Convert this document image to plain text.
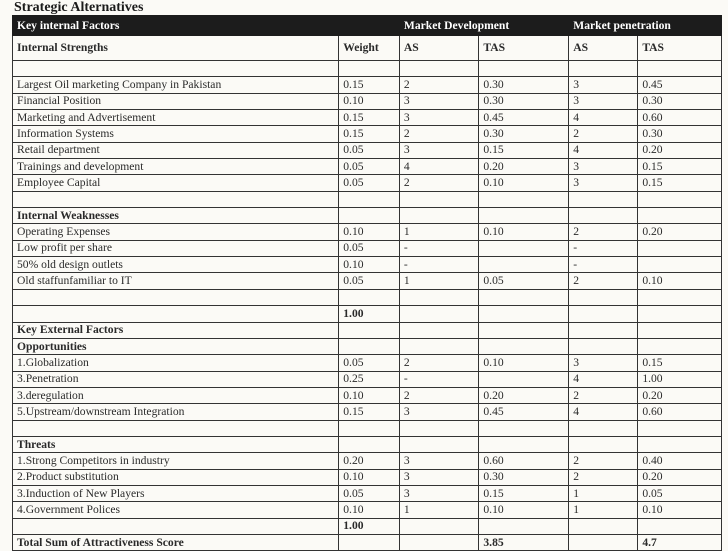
Strategic Alternatives
Key internal Factors		Market Development		Market penetration	
Internal Strengths	Weight	AS	TAS	AS	TAS

Largest Oil marketing Company in Pakistan	0.15	2	0.30	3	0.45
Financial Position	0.10	3	0.30	3	0.30
Marketing and Advertisement	0.15	3	0.45	4	0.60
Information Systems	0.15	2	0.30	2	0.30
Retail department	0.05	3	0.15	4	0.20
Trainings and development	0.05	4	0.20	3	0.15
Employee Capital	0.05	2	0.10	3	0.15

Internal Weaknesses					
Operating Expenses	0.10	1	0.10	2	0.20
Low profit per share	0.05	-		-	
50% old design outlets	0.10	-		-	
Old staffunfamiliar to IT	0.05	1	0.05	2	0.10

	1.00				
Key External Factors					
Opportunities					
1.Globalization	0.05	2	0.10	3	0.15
3.Penetration	0.25	-		4	1.00
3.deregulation	0.10	2	0.20	2	0.20
5.Upstream/downstream Integration	0.15	3	0.45	4	0.60

Threats					
1.Strong Competitors in industry	0.20	3	0.60	2	0.40
2.Product substitution	0.10	3	0.30	2	0.20
3.Induction of New Players	0.05	3	0.15	1	0.05
4.Government Polices	0.10	1	0.10	1	0.10
	1.00				
Total Sum of Attractiveness Score			3.85		4.7
